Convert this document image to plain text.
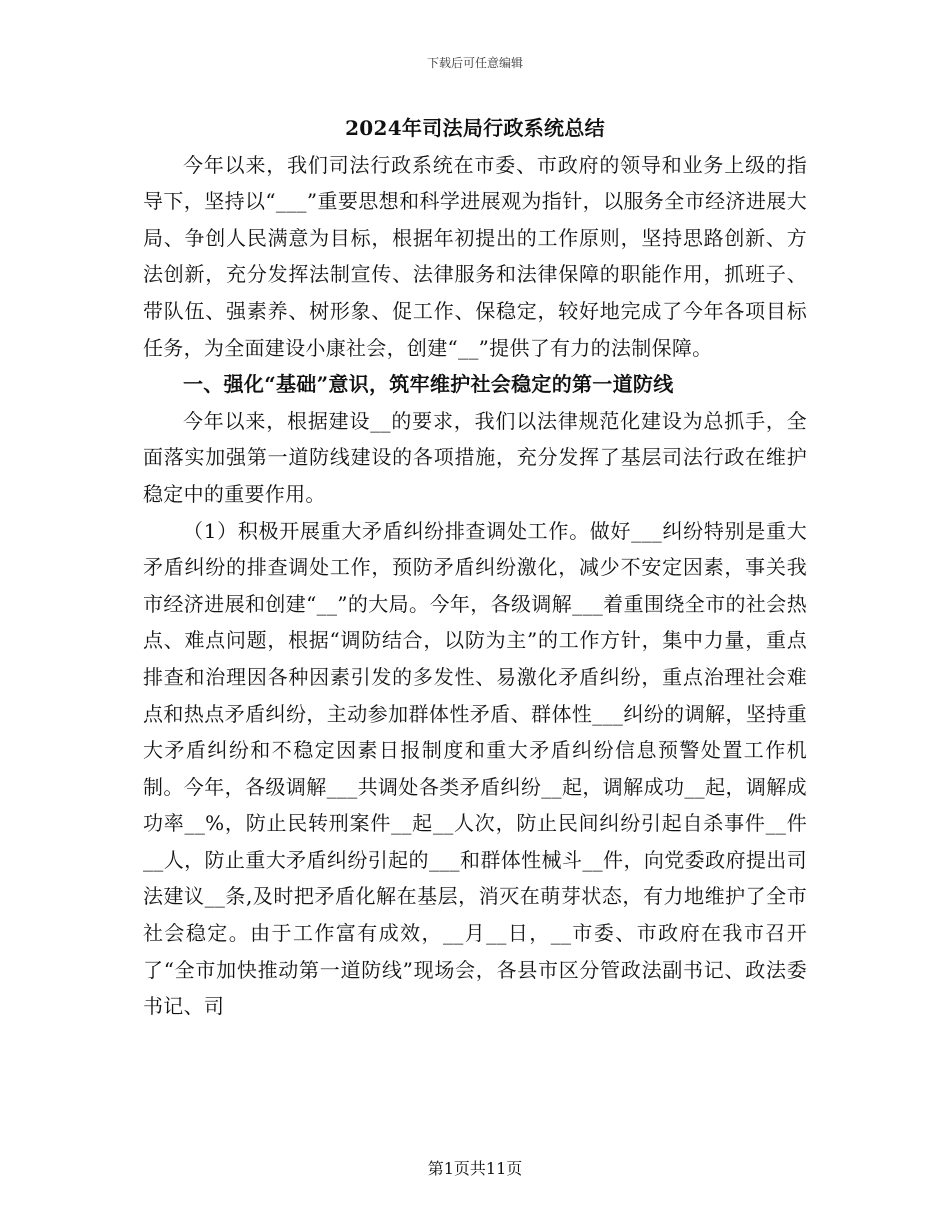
下载后可任意编辑

2024年司法局行政系统总结

今年以来，我们司法行政系统在市委、市政府的领导和业务上级的指导下，坚持以“___”重要思想和科学进展观为指针，以服务全市经济进展大局、争创人民满意为目标，根据年初提出的工作原则，坚持思路创新、方法创新，充分发挥法制宣传、法律服务和法律保障的职能作用，抓班子、带队伍、强素养、树形象、促工作、保稳定，较好地完成了今年各项目标任务，为全面建设小康社会，创建“__”提供了有力的法制保障。

一、强化“基础”意识，筑牢维护社会稳定的第一道防线

今年以来，根据建设__的要求，我们以法律规范化建设为总抓手，全面落实加强第一道防线建设的各项措施，充分发挥了基层司法行政在维护稳定中的重要作用。

（1）积极开展重大矛盾纠纷排查调处工作。做好___纠纷特别是重大矛盾纠纷的排查调处工作，预防矛盾纠纷激化，减少不安定因素，事关我市经济进展和创建“__”的大局。今年，各级调解___着重围绕全市的社会热点、难点问题，根据“调防结合，以防为主”的工作方针，集中力量，重点排查和治理因各种因素引发的多发性、易激化矛盾纠纷，重点治理社会难点和热点矛盾纠纷，主动参加群体性矛盾、群体性___纠纷的调解，坚持重大矛盾纠纷和不稳定因素日报制度和重大矛盾纠纷信息预警处置工作机制。今年，各级调解___共调处各类矛盾纠纷__起，调解成功__起，调解成功率__%，防止民转刑案件__起__人次，防止民间纠纷引起自杀事件__件__人，防止重大矛盾纠纷引起的___和群体性械斗__件，向党委政府提出司法建议__条,及时把矛盾化解在基层，消灭在萌芽状态，有力地维护了全市社会稳定。由于工作富有成效，__月__日，__市委、市政府在我市召开了“全市加快推动第一道防线”现场会，各县市区分管政法副书记、政法委书记、司

第1页共11页
